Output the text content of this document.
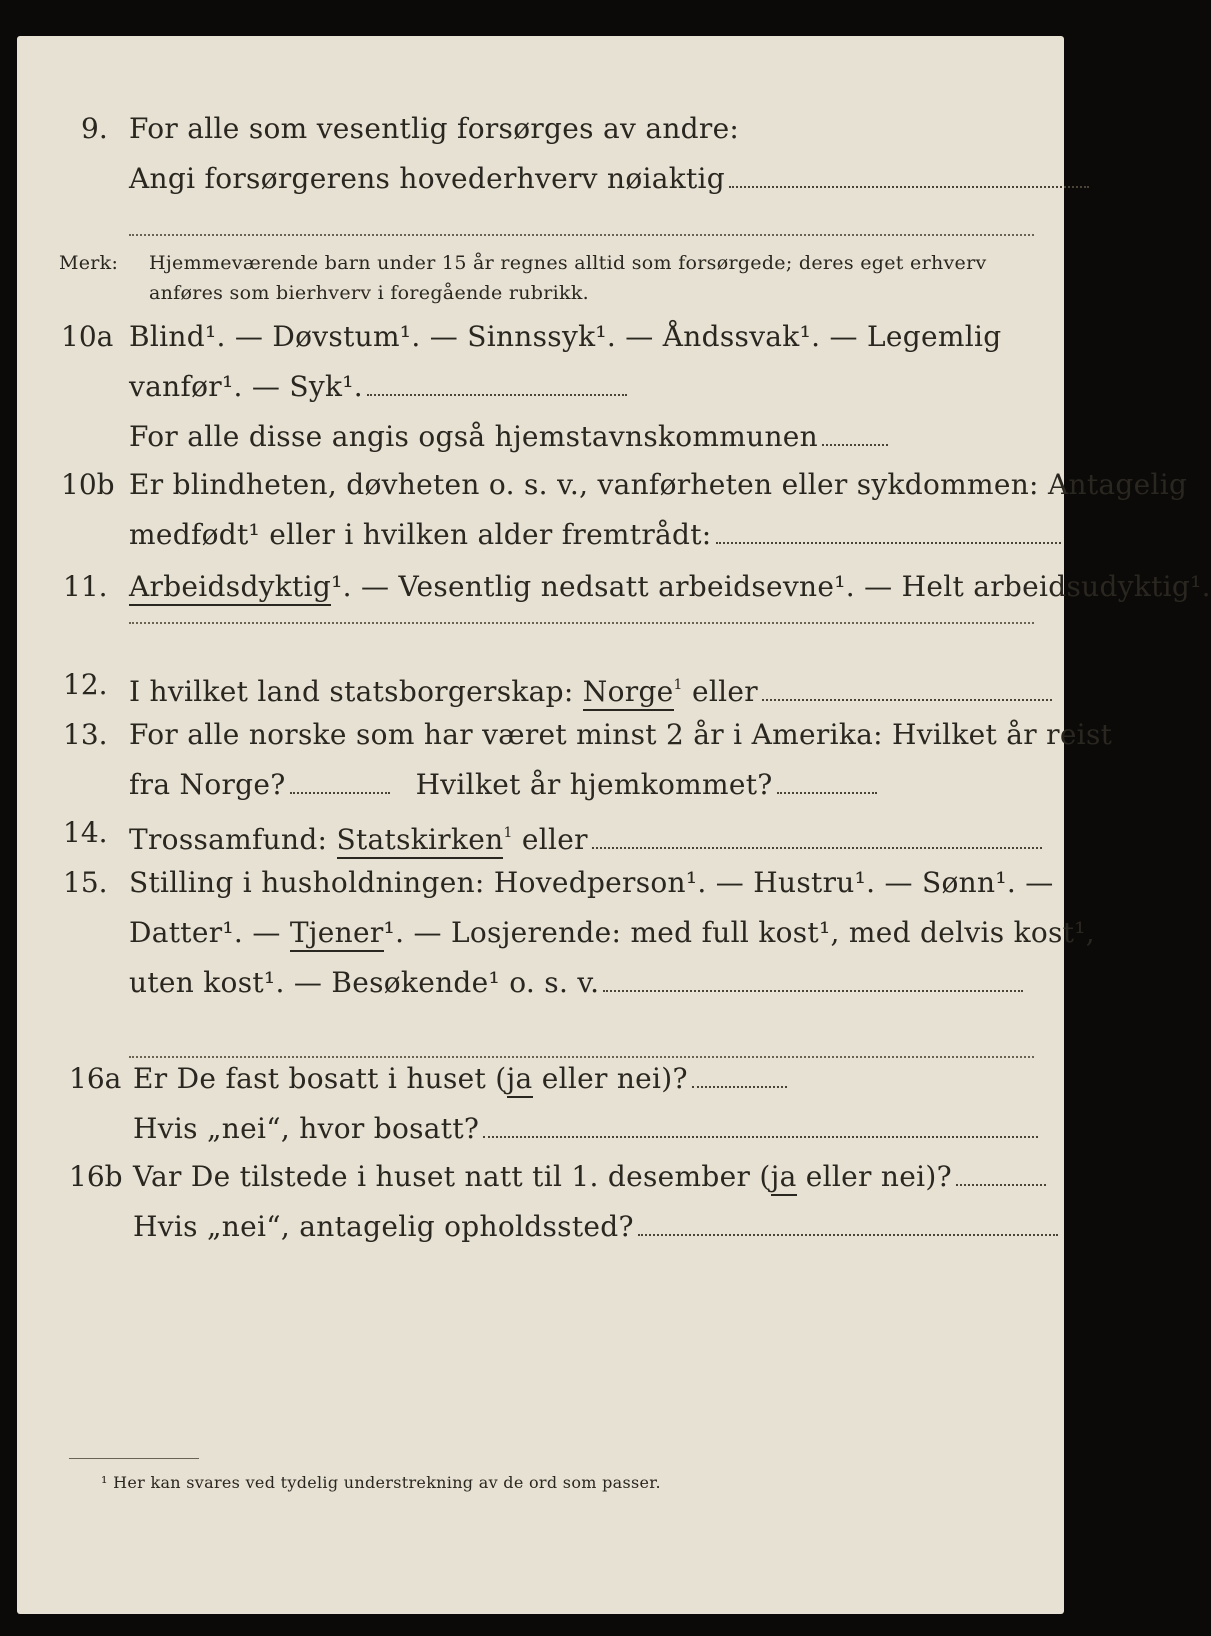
9. For alle som vesentlig forsørges av andre:
Angi forsørgerens hovederhverv nøiaktig
Merk: Hjemmeværende barn under 15 år regnes alltid som forsørgede; deres eget erhverv
anføres som bierhverv i foregående rubrikk.
10a Blind¹. — Døvstum¹. — Sinnssyk¹. — Åndssvak¹. — Legemlig
vanfør¹. — Syk¹.
For alle disse angis også hjemstavnskommunen
10b Er blindheten, døvheten o. s. v., vanførheten eller sykdommen: Antagelig
medfødt¹ eller i hvilken alder fremtrådt:
11. Arbeidsdyktig¹. — Vesentlig nedsatt arbeidsevne¹. — Helt arbeidsudyktig¹.
12. I hvilket land statsborgerskap: Norge$^1$ eller
13. For alle norske som har været minst 2 år i Amerika: Hvilket år reist
fra Norge?	Hvilket år hjemkommet?
14. Trossamfund: Statskirken$^1$ eller
15. Stilling i husholdningen: Hovedperson¹. — Hustru¹. — Sønn¹. —
Datter¹. — Tjener¹. — Losjerende: med full kost¹, med delvis kost¹,
uten kost¹. — Besøkende¹ o. s. v.
16a Er De fast bosatt i huset (ja eller nei)?
Hvis „nei“, hvor bosatt?
16b Var De tilstede i huset natt til 1. desember (ja eller nei)?
Hvis „nei“, antagelig opholdssted?
¹ Her kan svares ved tydelig understrekning av de ord som passer.
